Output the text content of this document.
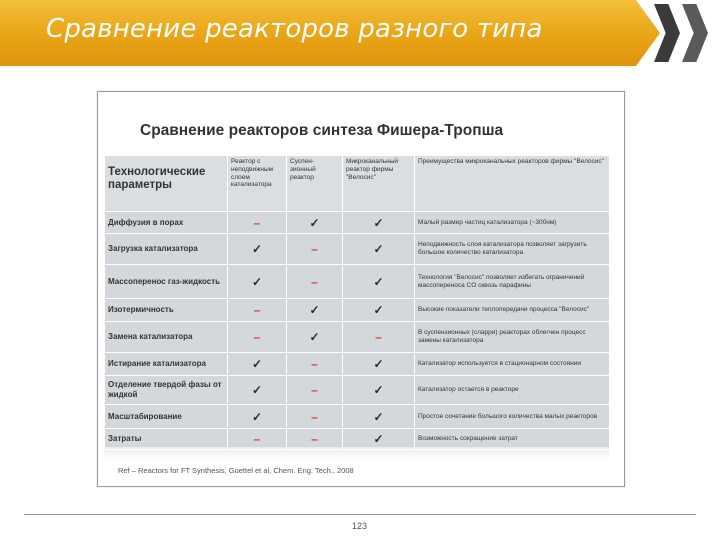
Сравнение реакторов разного типа
Сравнение реакторов синтеза Фишера-Тропша
Технологические параметры	Реактор с неподвижным слоем катализатора	Суспен- зионный реактор	Микроканальный реактор фирмы "Велосис"	Преимущества микроканальных реакторов фирмы "Велосис"
Диффузия в порах	–	✓	✓	Малый размер частиц катализатора (~300нм)
Загрузка катализатора	✓	–	✓	Неподвижность слоя катализатора позволяет загрузить большое количество катализатора
Массоперенос газ-жидкость	✓	–	✓	Технология "Велосис" позволяет избегать ограничений массопереноса CO сквозь парафины
Изотермичность	–	✓	✓	Высокие показатели теплопередачи процесса "Велосис"
Замена катализатора	–	✓	–	В суспензионных (сларри) реакторах облегчен процесс замены катализатора
Истирание катализатора	✓	–	✓	Катализатор используется в стационарном состоянии
Отделение твердой фазы от жидкой	✓	–	✓	Катализатор остается в реакторе
Масштабирование	✓	–	✓	Простое сочетание большого количества малых реакторов
Затраты	–	–	✓	Возможность сокращение затрат
Ref – Reactors for FT Synthesis, Guettel et al, Chem. Eng. Tech., 2008
123
